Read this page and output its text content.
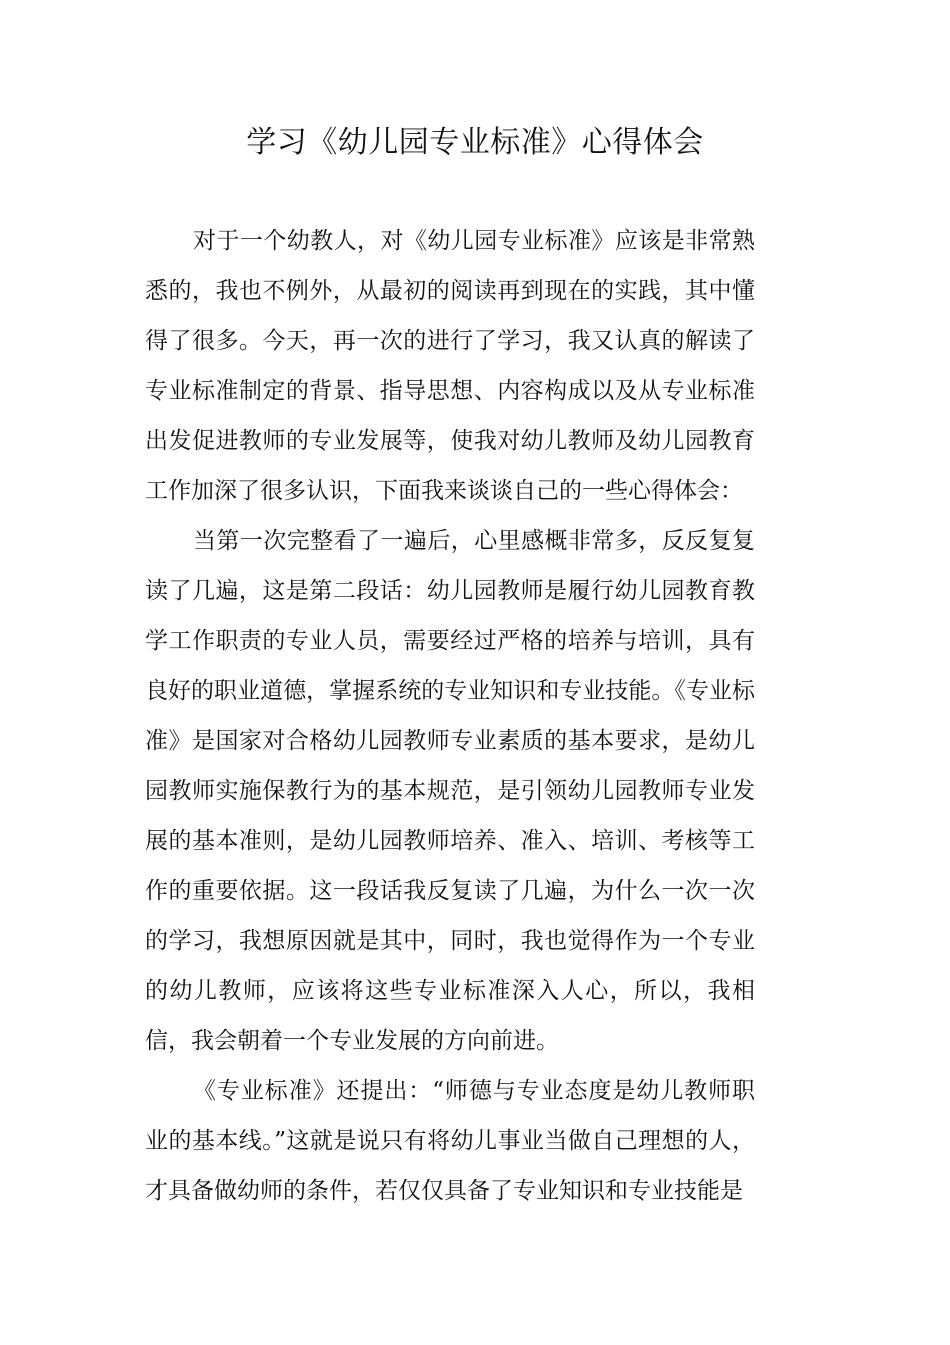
学习《幼儿园专业标准》心得体会

对于一个幼教人，对《幼儿园专业标准》应该是非常熟悉的，我也不例外，从最初的阅读再到现在的实践，其中懂得了很多。今天，再一次的进行了学习，我又认真的解读了专业标准制定的背景、指导思想、内容构成以及从专业标准出发促进教师的专业发展等，使我对幼儿教师及幼儿园教育工作加深了很多认识，下面我来谈谈自己的一些心得体会：

当第一次完整看了一遍后，心里感概非常多，反反复复读了几遍，这是第二段话：幼儿园教师是履行幼儿园教育教学工作职责的专业人员，需要经过严格的培养与培训，具有良好的职业道德，掌握系统的专业知识和专业技能。《专业标准》是国家对合格幼儿园教师专业素质的基本要求，是幼儿园教师实施保教行为的基本规范，是引领幼儿园教师专业发展的基本准则，是幼儿园教师培养、准入、培训、考核等工作的重要依据。这一段话我反复读了几遍，为什么一次一次的学习，我想原因就是其中，同时，我也觉得作为一个专业的幼儿教师，应该将这些专业标准深入人心，所以，我相信，我会朝着一个专业发展的方向前进。

《专业标准》还提出：“师德与专业态度是幼儿教师职业的基本线。”这就是说只有将幼儿事业当做自己理想的人，才具备做幼师的条件，若仅仅具备了专业知识和专业技能是
